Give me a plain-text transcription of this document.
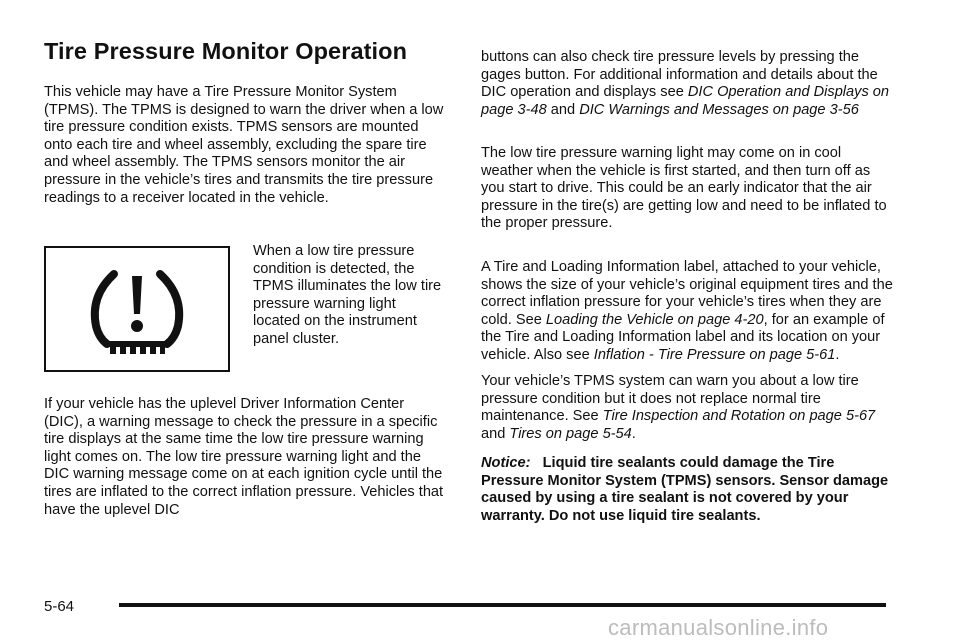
Tire Pressure Monitor Operation

This vehicle may have a Tire Pressure Monitor System (TPMS). The TPMS is designed to warn the driver when a low tire pressure condition exists. TPMS sensors are mounted onto each tire and wheel assembly, excluding the spare tire and wheel assembly. The TPMS sensors monitor the air pressure in the vehicle’s tires and transmits the tire pressure readings to a receiver located in the vehicle.

When a low tire pressure condition is detected, the TPMS illuminates the low tire pressure warning light located on the instrument panel cluster.

If your vehicle has the uplevel Driver Information Center (DIC), a warning message to check the pressure in a specific tire displays at the same time the low tire pressure warning light comes on. The low tire pressure warning light and the DIC warning message come on at each ignition cycle until the tires are inflated to the correct inflation pressure. Vehicles that have the uplevel DIC

buttons can also check tire pressure levels by pressing the gages button. For additional information and details about the DIC operation and displays see DIC Operation and Displays on page 3-48 and DIC Warnings and Messages on page 3-56

The low tire pressure warning light may come on in cool weather when the vehicle is first started, and then turn off as you start to drive. This could be an early indicator that the air pressure in the tire(s) are getting low and need to be inflated to the proper pressure.

A Tire and Loading Information label, attached to your vehicle, shows the size of your vehicle’s original equipment tires and the correct inflation pressure for your vehicle’s tires when they are cold. See Loading the Vehicle on page 4-20, for an example of the Tire and Loading Information label and its location on your vehicle. Also see Inflation - Tire Pressure on page 5-61.

Your vehicle’s TPMS system can warn you about a low tire pressure condition but it does not replace normal tire maintenance. See Tire Inspection and Rotation on page 5-67 and Tires on page 5-54.

Notice: Liquid tire sealants could damage the Tire Pressure Monitor System (TPMS) sensors. Sensor damage caused by using a tire sealant is not covered by your warranty. Do not use liquid tire sealants.

5-64
carmanualsonline.info
